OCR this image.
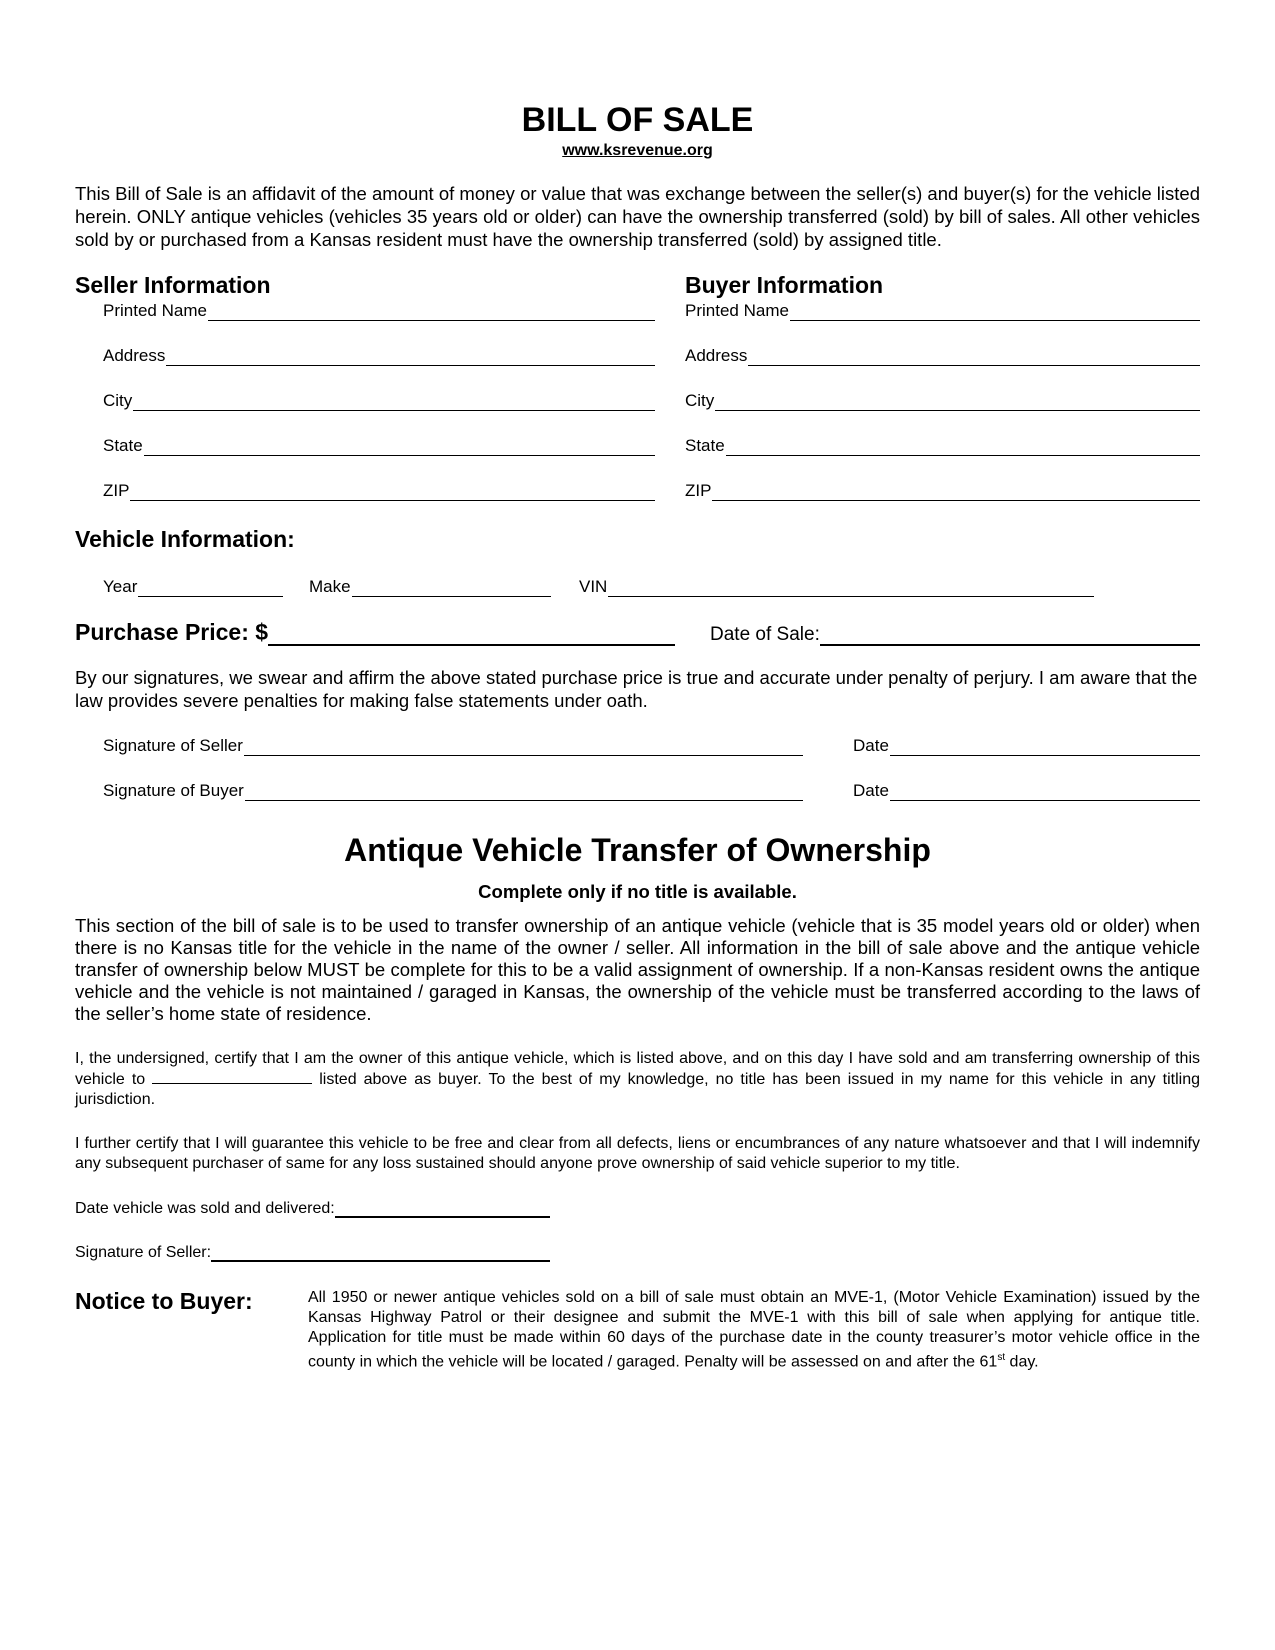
BILL OF SALE
www.ksrevenue.org
This Bill of Sale is an affidavit of the amount of money or value that was exchange between the seller(s) and buyer(s) for the vehicle listed herein. ONLY antique vehicles (vehicles 35 years old or older) can have the ownership transferred (sold) by bill of sales. All other vehicles sold by or purchased from a Kansas resident must have the ownership transferred (sold) by assigned title.
Seller Information
Printed Name
Address
City
State
ZIP
Buyer Information
Printed Name
Address
City
State
ZIP
Vehicle Information:
Year	Make	VIN
Purchase Price: $	Date of Sale:
By our signatures, we swear and affirm the above stated purchase price is true and accurate under penalty of perjury. I am aware that the law provides severe penalties for making false statements under oath.
Signature of Seller	Date
Signature of Buyer	Date
Antique Vehicle Transfer of Ownership
Complete only if no title is available.
This section of the bill of sale is to be used to transfer ownership of an antique vehicle (vehicle that is 35 model years old or older) when there is no Kansas title for the vehicle in the name of the owner / seller. All information in the bill of sale above and the antique vehicle transfer of ownership below MUST be complete for this to be a valid assignment of ownership. If a non-Kansas resident owns the antique vehicle and the vehicle is not maintained / garaged in Kansas, the ownership of the vehicle must be transferred according to the laws of the seller’s home state of residence.
I, the undersigned, certify that I am the owner of this antique vehicle, which is listed above, and on this day I have sold and am transferring ownership of this vehicle to	listed above as buyer. To the best of my knowledge, no title has been issued in my name for this vehicle in any titling jurisdiction.
I further certify that I will guarantee this vehicle to be free and clear from all defects, liens or encumbrances of any nature whatsoever and that I will indemnify any subsequent purchaser of same for any loss sustained should anyone prove ownership of said vehicle superior to my title.
Date vehicle was sold and delivered:
Signature of Seller:
Notice to Buyer:	All 1950 or newer antique vehicles sold on a bill of sale must obtain an MVE-1, (Motor Vehicle Examination) issued by the Kansas Highway Patrol or their designee and submit the MVE-1 with this bill of sale when applying for antique title. Application for title must be made within 60 days of the purchase date in the county treasurer’s motor vehicle office in the county in which the vehicle will be located / garaged. Penalty will be assessed on and after the 61st day.
